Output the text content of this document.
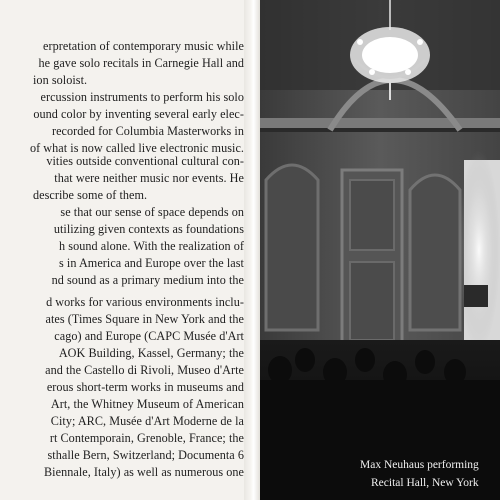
erpretation of contemporary music while
he gave solo recitals in Carnegie Hall and
ion soloist.
ercussion instruments to perform his solo
ound color by inventing several early elec-
recorded for Columbia Masterworks in
of what is now called live electronic music.
vities outside conventional cultural con-
that were neither music nor events. He
describe some of them.
se that our sense of space depends on
utilizing given contexts as foundations
h sound alone. With the realization of
s in America and Europe over the last
nd sound as a primary medium into the
d works for various environments inclu-
ates (Times Square in New York and the
cago) and Europe (CAPC Musée d'Art
AOK Building, Kassel, Germany; the
and the Castello di Rivoli, Museo d'Arte
erous short-term works in museums and
Art, the Whitney Museum of American
City; ARC, Musée d'Art Moderne de la
rt Contemporain, Grenoble, France; the
sthalle Bern, Switzerland; Documenta 6
Biennale, Italy) as well as numerous one	Max Neuhaus performing
Recital Hall, New York
